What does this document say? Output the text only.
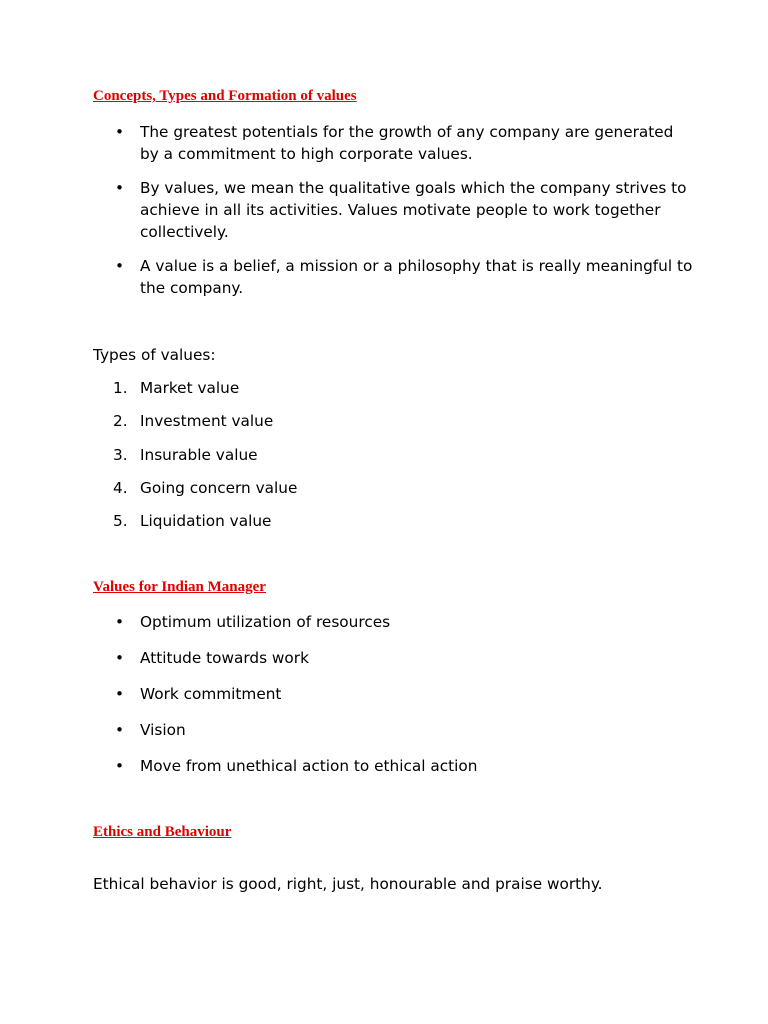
Concepts, Types and Formation of values
• The greatest potentials for the growth of any company are generated by a commitment to high corporate values.
• By values, we mean the qualitative goals which the company strives to achieve in all its activities. Values motivate people to work together collectively.
• A value is a belief, a mission or a philosophy that is really meaningful to the company.

Types of values:

1. Market value
2. Investment value
3. Insurable value
4. Going concern value
5. Liquidation value
Values for Indian Manager
• Optimum utilization of resources
• Attitude towards work
• Work commitment
• Vision
• Move from unethical action to ethical action
Ethics and Behaviour

Ethical behavior is good, right, just, honourable and praise worthy.
